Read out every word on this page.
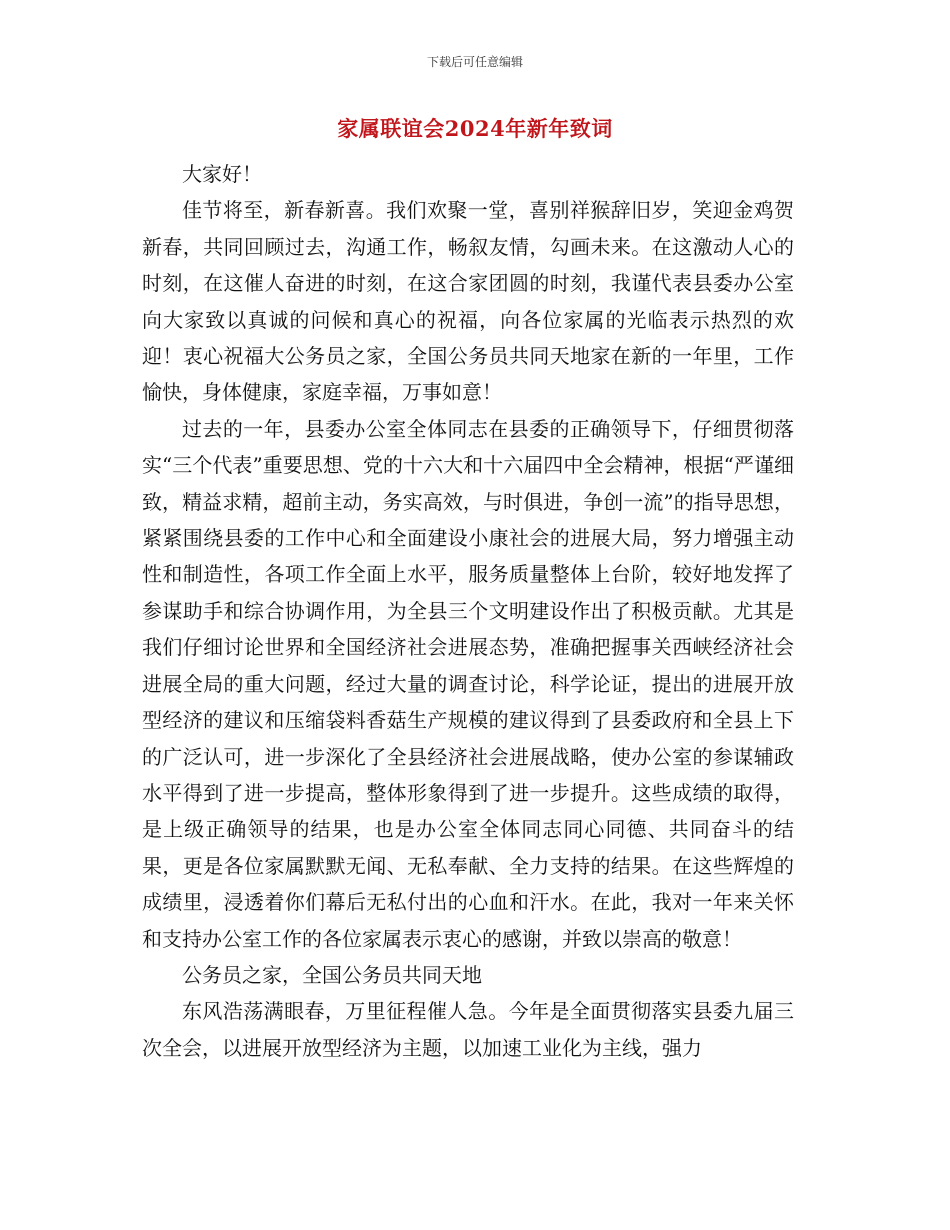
下载后可任意编辑
家属联谊会2024年新年致词

大家好！

佳节将至，新春新喜。我们欢聚一堂，喜别祥猴辞旧岁，笑迎金鸡贺新春，共同回顾过去，沟通工作，畅叙友情，勾画未来。在这激动人心的时刻，在这催人奋进的时刻，在这合家团圆的时刻，我谨代表县委办公室向大家致以真诚的问候和真心的祝福，向各位家属的光临表示热烈的欢迎！衷心祝福大公务员之家，全国公务员共同天地家在新的一年里，工作愉快，身体健康，家庭幸福，万事如意！

过去的一年，县委办公室全体同志在县委的正确领导下，仔细贯彻落实“三个代表”重要思想、党的十六大和十六届四中全会精神，根据“严谨细致，精益求精，超前主动，务实高效，与时俱进，争创一流”的指导思想，紧紧围绕县委的工作中心和全面建设小康社会的进展大局，努力增强主动性和制造性，各项工作全面上水平，服务质量整体上台阶，较好地发挥了参谋助手和综合协调作用，为全县三个文明建设作出了积极贡献。尤其是我们仔细讨论世界和全国经济社会进展态势，准确把握事关西峡经济社会进展全局的重大问题，经过大量的调查讨论，科学论证，提出的进展开放型经济的建议和压缩袋料香菇生产规模的建议得到了县委政府和全县上下的广泛认可，进一步深化了全县经济社会进展战略，使办公室的参谋辅政水平得到了进一步提高，整体形象得到了进一步提升。这些成绩的取得，是上级正确领导的结果，也是办公室全体同志同心同德、共同奋斗的结果，更是各位家属默默无闻、无私奉献、全力支持的结果。在这些辉煌的成绩里，浸透着你们幕后无私付出的心血和汗水。在此，我对一年来关怀和支持办公室工作的各位家属表示衷心的感谢，并致以崇高的敬意！

公务员之家，全国公务员共同天地

东风浩荡满眼春，万里征程催人急。今年是全面贯彻落实县委九届三次全会，以进展开放型经济为主题，以加速工业化为主线，强力
